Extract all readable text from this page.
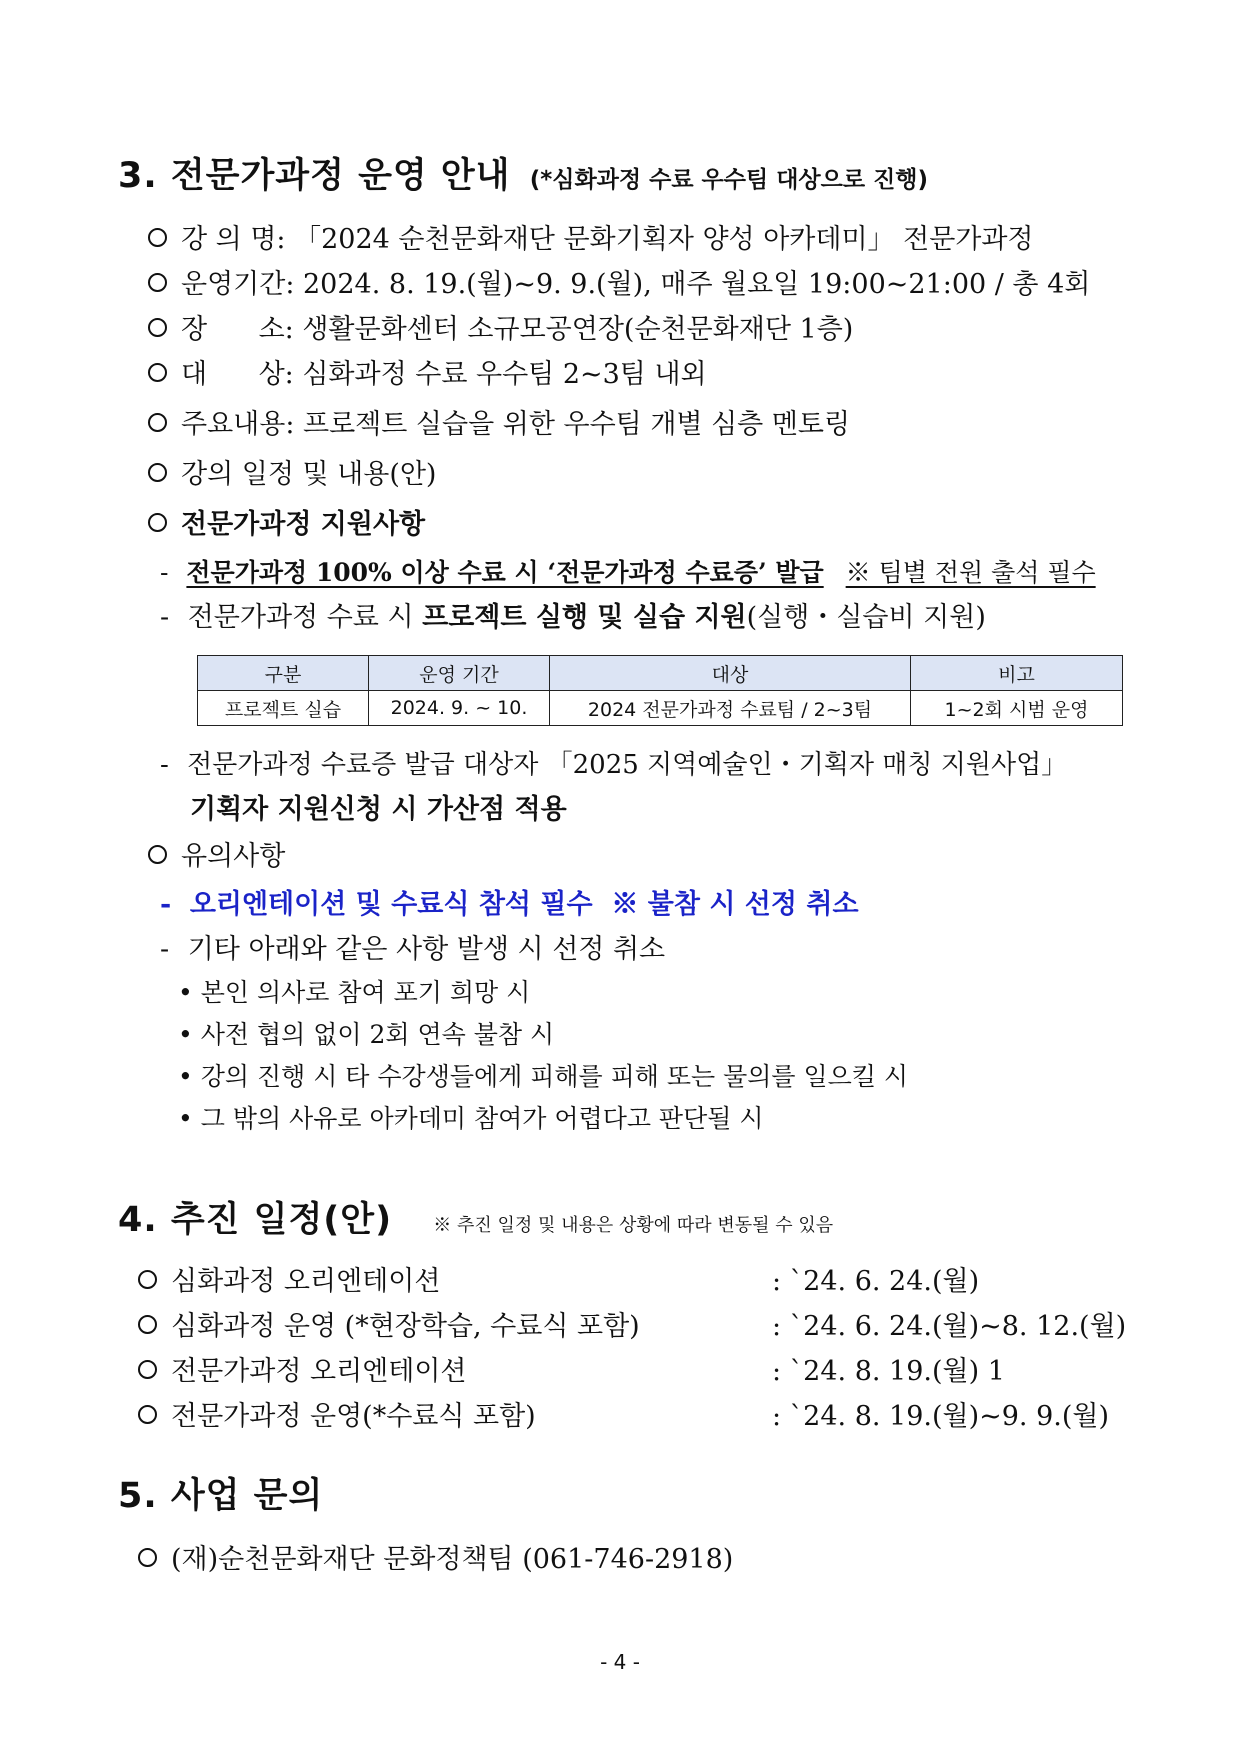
3. 전문가과정 운영 안내 (*심화과정 수료 우수팀 대상으로 진행)
강 의 명: 「2024 순천문화재단 문화기획자 양성 아카데미」 전문가과정
운영기간: 2024. 8. 19.(월)~9. 9.(월), 매주 월요일 19:00~21:00 / 총 4회
장      소: 생활문화센터 소규모공연장(순천문화재단 1층)
대      상: 심화과정 수료 우수팀 2~3팀 내외
주요내용: 프로젝트 실습을 위한 우수팀 개별 심층 멘토링
강의 일정 및 내용(안)
전문가과정 지원사항
- 전문가과정 100% 이상 수료 시 ‘전문가과정 수료증’ 발급 ※ 팀별 전원 출석 필수
- 전문가과정 수료 시 프로젝트 실행 및 실습 지원(실행・실습비 지원)
구분	운영 기간	대상	비고
프로젝트 실습	2024. 9. ~ 10.	2024 전문가과정 수료팀 / 2~3팀	1~2회 시범 운영
- 전문가과정 수료증 발급 대상자 「2025 지역예술인・기획자 매칭 지원사업」
기획자 지원신청 시 가산점 적용
유의사항
- 오리엔테이션 및 수료식 참석 필수  ※ 불참 시 선정 취소
- 기타 아래와 같은 사항 발생 시 선정 취소
• 본인 의사로 참여 포기 희망 시
• 사전 협의 없이 2회 연속 불참 시
• 강의 진행 시 타 수강생들에게 피해를 피해 또는 물의를 일으킬 시
• 그 밖의 사유로 아카데미 참여가 어렵다고 판단될 시
4. 추진 일정(안) ※ 추진 일정 및 내용은 상황에 따라 변동될 수 있음
심화과정 오리엔테이션	: `24. 6. 24.(월)
심화과정 운영 (*현장학습, 수료식 포함)	: `24. 6. 24.(월)~8. 12.(월)
전문가과정 오리엔테이션	: `24. 8. 19.(월) 1
전문가과정 운영(*수료식 포함)	: `24. 8. 19.(월)~9. 9.(월)
5. 사업 문의
(재)순천문화재단 문화정책팀 (061-746-2918)
- 4 -
